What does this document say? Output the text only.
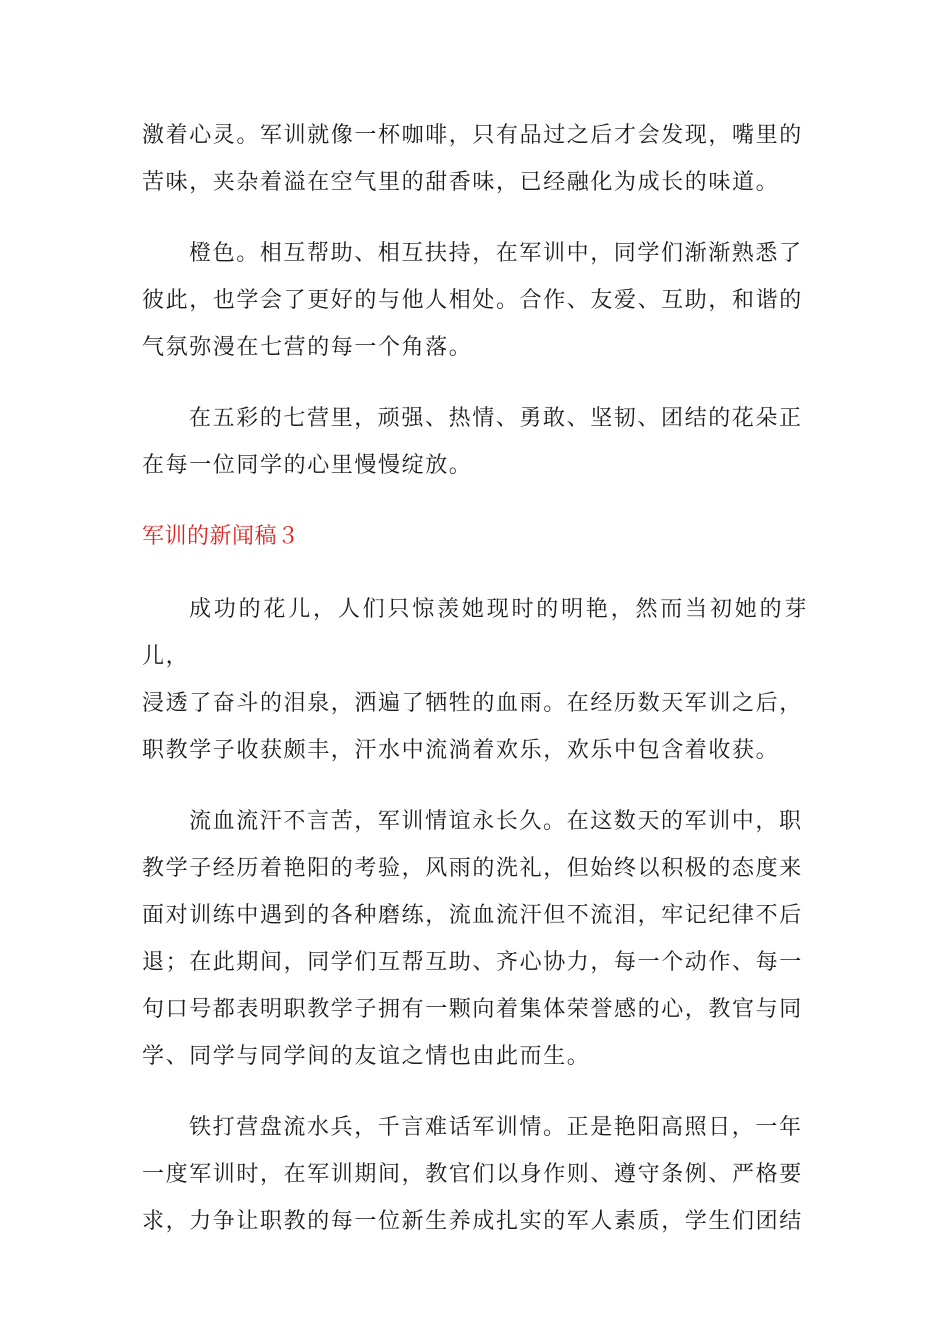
激着心灵。军训就像一杯咖啡，只有品过之后才会发现，嘴里的
苦味，夹杂着溢在空气里的甜香味，已经融化为成长的味道。

橙色。相互帮助、相互扶持，在军训中，同学们渐渐熟悉了
彼此，也学会了更好的与他人相处。合作、友爱、互助，和谐的
气氛弥漫在七营的每一个角落。

在五彩的七营里，顽强、热情、勇敢、坚韧、团结的花朵正
在每一位同学的心里慢慢绽放。

军训的新闻稿３

成功的花儿，人们只惊羡她现时的明艳，然而当初她的芽儿，
浸透了奋斗的泪泉，洒遍了牺牲的血雨。在经历数天军训之后，
职教学子收获颇丰，汗水中流淌着欢乐，欢乐中包含着收获。

流血流汗不言苦，军训情谊永长久。在这数天的军训中，职
教学子经历着艳阳的考验，风雨的洗礼，但始终以积极的态度来
面对训练中遇到的各种磨练，流血流汗但不流泪，牢记纪律不后
退；在此期间，同学们互帮互助、齐心协力，每一个动作、每一
句口号都表明职教学子拥有一颗向着集体荣誉感的心，教官与同
学、同学与同学间的友谊之情也由此而生。

铁打营盘流水兵，千言难话军训情。正是艳阳高照日，一年
一度军训时，在军训期间，教官们以身作则、遵守条例、严格要
求，力争让职教的每一位新生养成扎实的军人素质，学生们团结
